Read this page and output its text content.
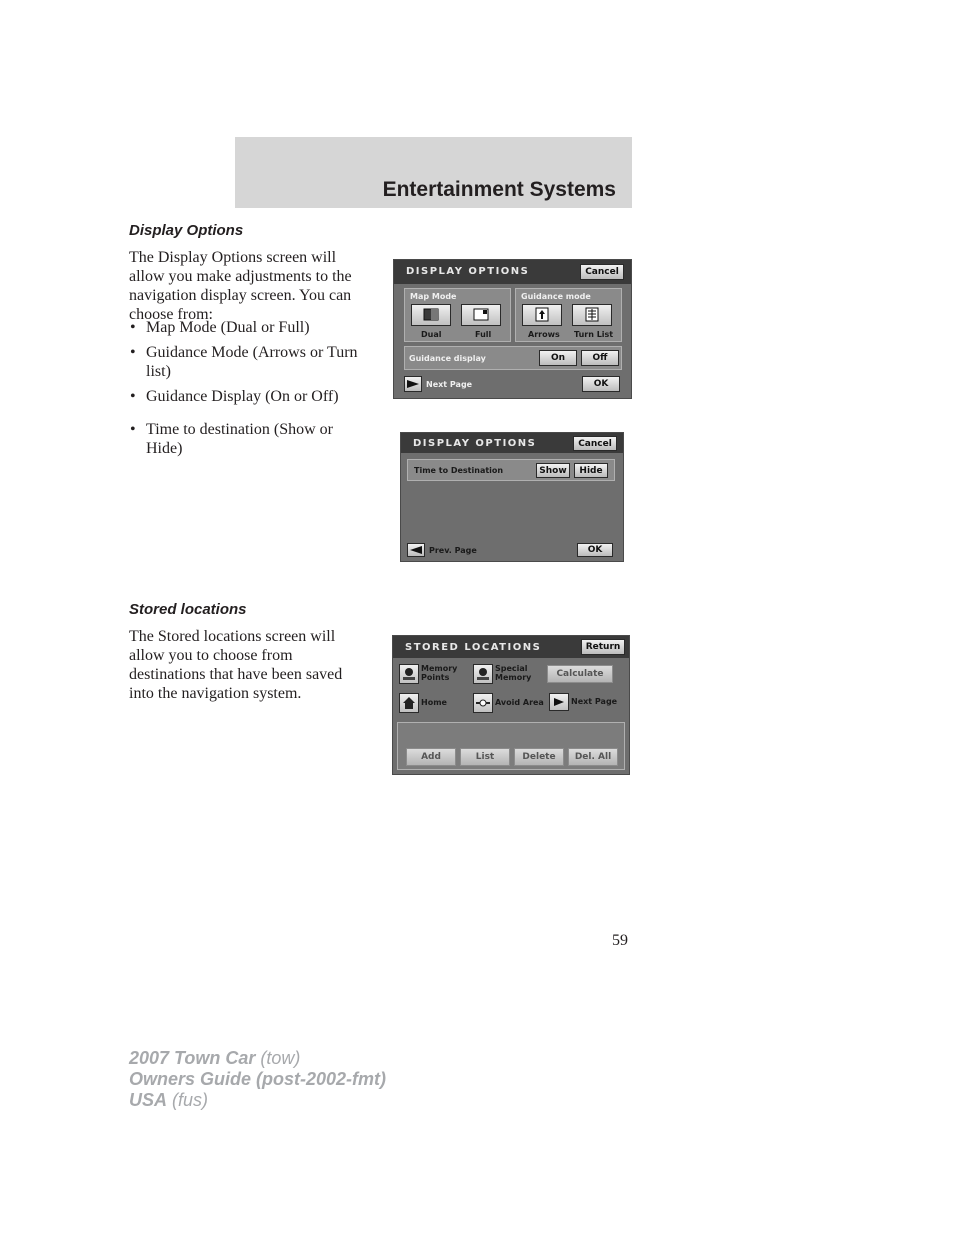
Entertainment Systems
Display Options
The Display Options screen will allow you make adjustments to the navigation display screen. You can choose from:
• Map Mode (Dual or Full)
• Guidance Mode (Arrows or Turn list)
• Guidance Display (On or Off)
• Time to destination (Show or Hide)
DISPLAY OPTIONS	Cancel
Map Mode
Dual	Full
Guidance mode
Arrows Turn List
Guidance display	On	Off
Next Page	OK
DISPLAY OPTIONS	Cancel
Time to Destination	Show	Hide
Prev. Page	OK
Stored locations
The Stored locations screen will allow you to choose from destinations that have been saved into the navigation system.
STORED LOCATIONS	Return
Memory Points
Special Memory	Calculate
Home	Avoid Area	Next Page
Add	List	Delete	Del. All
59
2007 Town Car (tow)
Owners Guide (post-2002-fmt)
USA (fus)
